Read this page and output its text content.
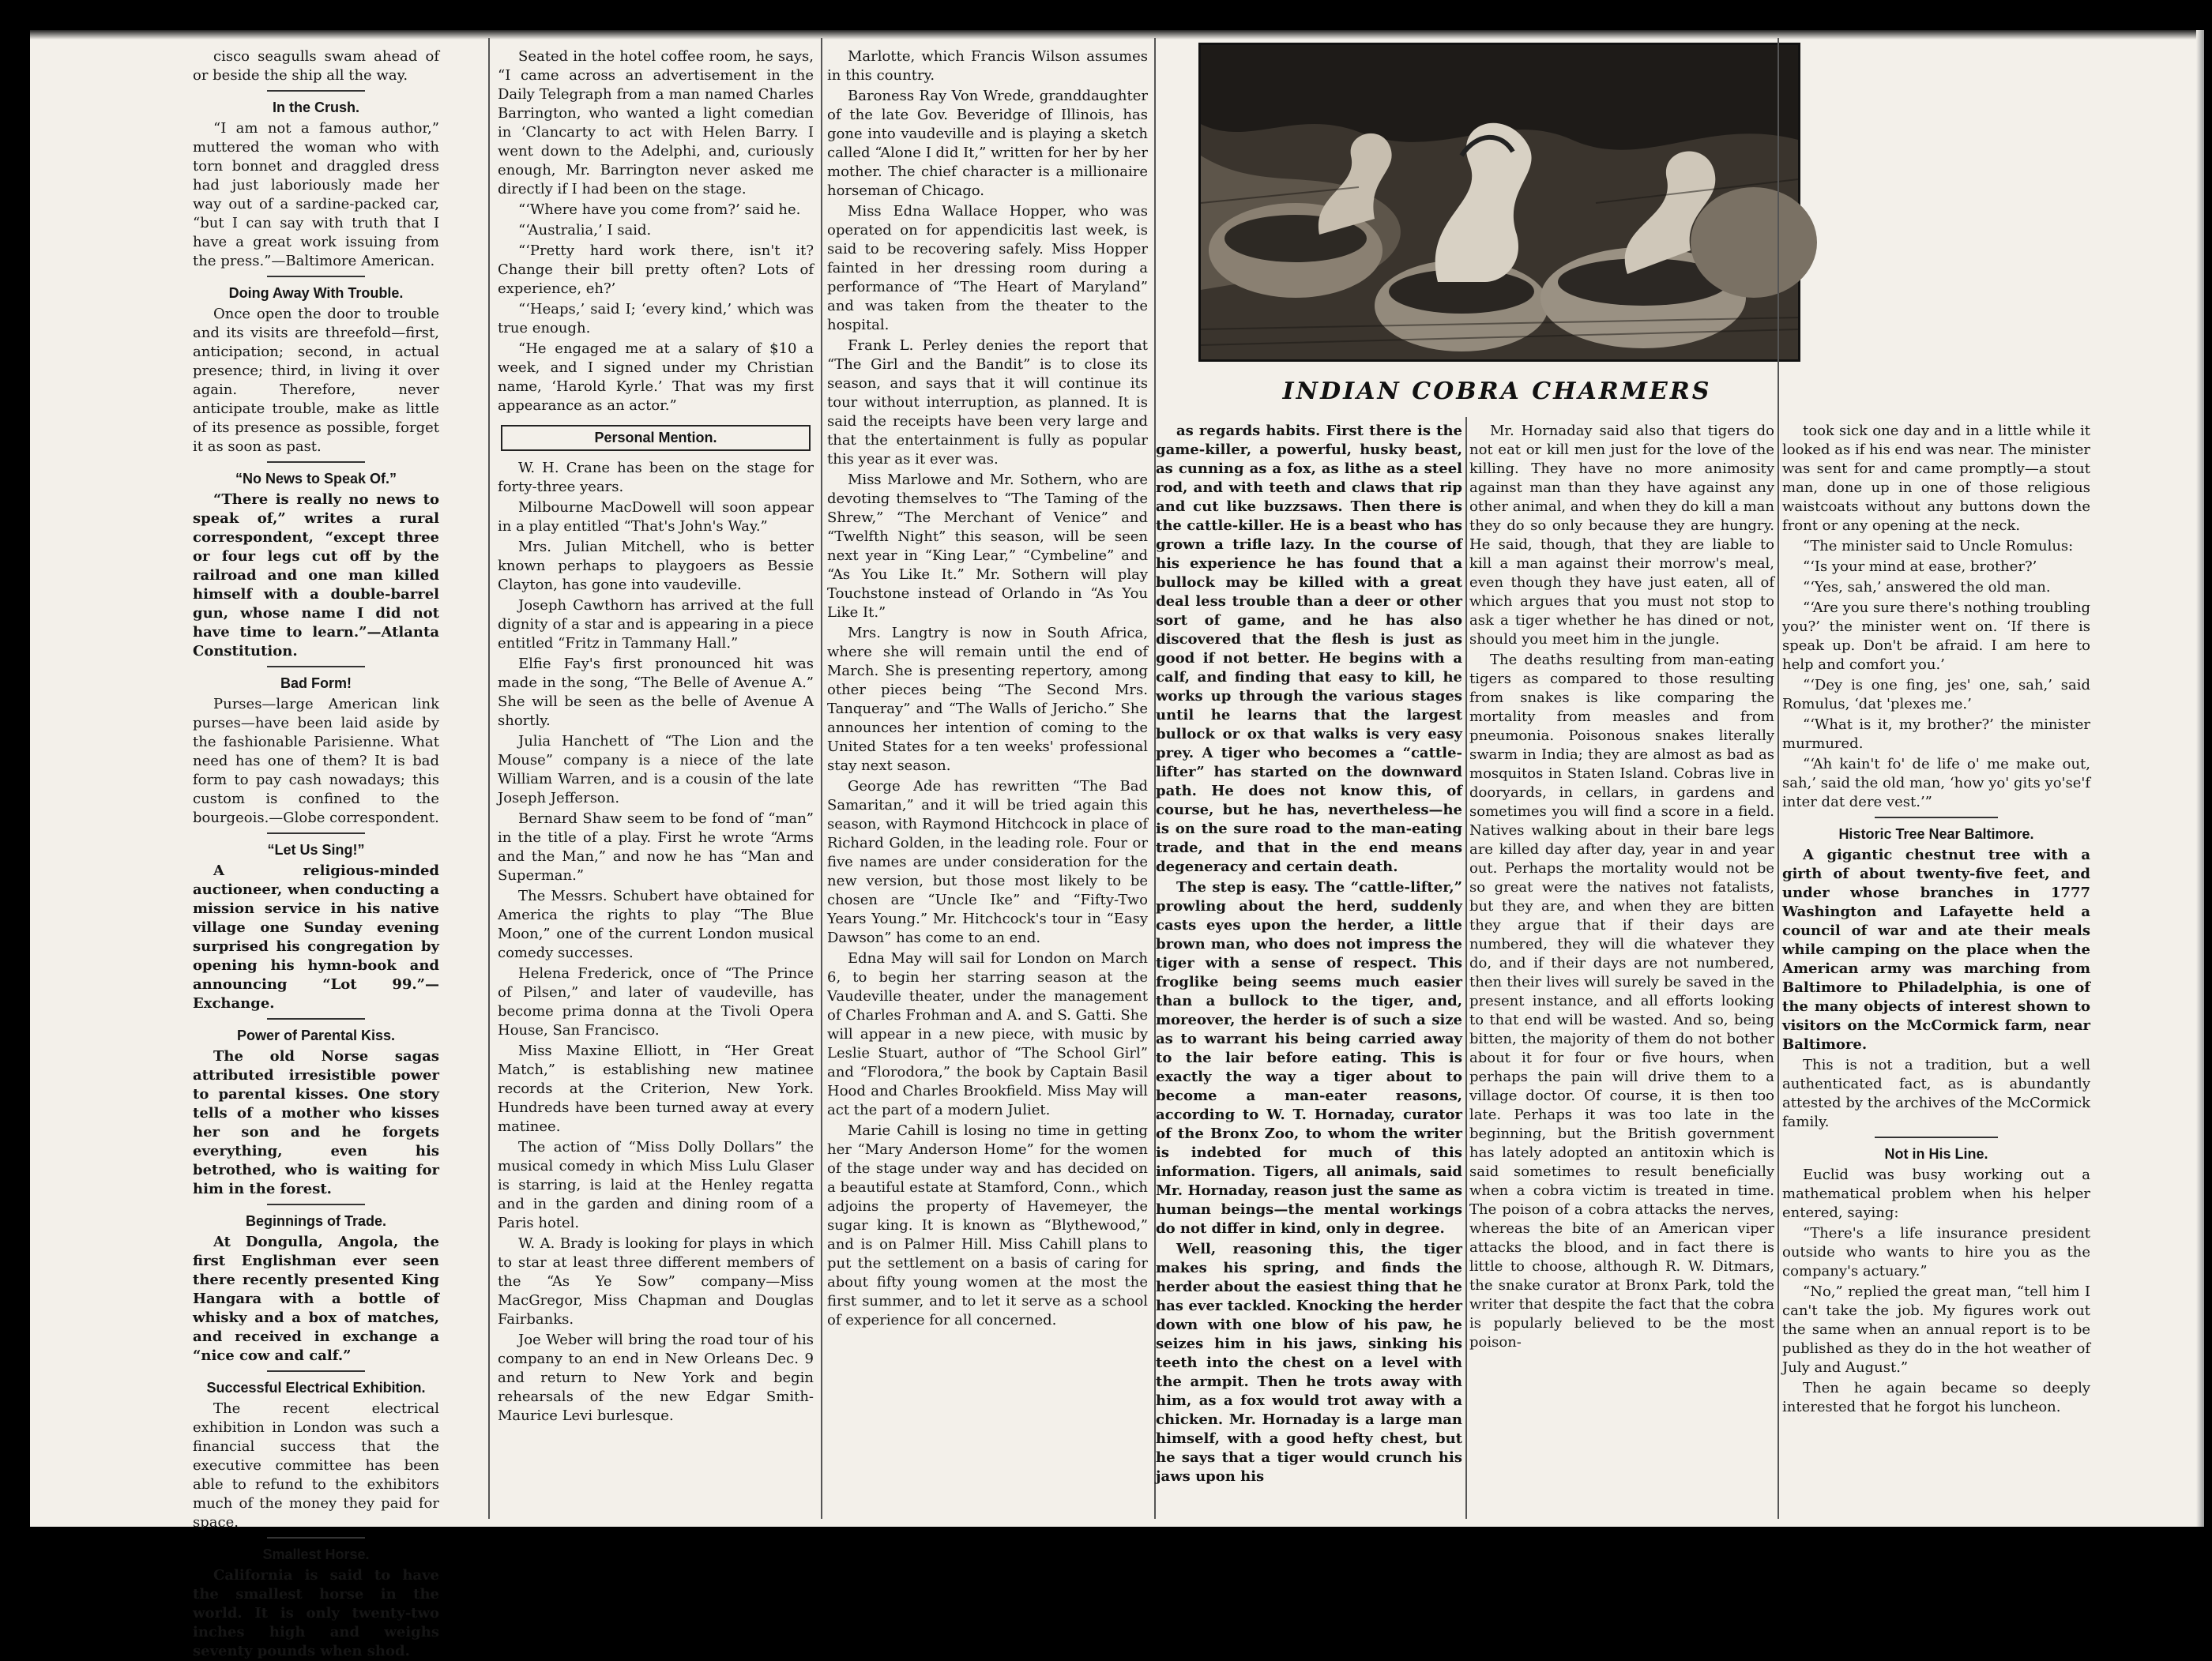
cisco seagulls swam ahead of or beside the ship all the way.
In the Crush.
“I am not a famous author,” muttered the woman who with torn bonnet and draggled dress had just laboriously made her way out of a sardine-packed car, “but I can say with truth that I have a great work issuing from the press.”—Baltimore American.
Doing Away With Trouble.
Once open the door to trouble and its visits are threefold—first, anticipation; second, in actual presence; third, in living it over again. Therefore, never anticipate trouble, make as little of its presence as possible, forget it as soon as past.
“No News to Speak Of.”
“There is really no news to speak of,” writes a rural correspondent, “except three or four legs cut off by the railroad and one man killed himself with a double-barrel gun, whose name I did not have time to learn.”—Atlanta Constitution.
Bad Form!
Purses—large American link purses—have been laid aside by the fashionable Parisienne. What need has one of them? It is bad form to pay cash nowadays; this custom is confined to the bourgeois.—Globe correspondent.
“Let Us Sing!”
A religious-minded auctioneer, when conducting a mission service in his native village one Sunday evening surprised his congregation by opening his hymn-book and announcing “Lot 99.”—Exchange.
Power of Parental Kiss.
The old Norse sagas attributed irresistible power to parental kisses. One story tells of a mother who kisses her son and he forgets everything, even his betrothed, who is waiting for him in the forest.
Beginnings of Trade.
At Dongulla, Angola, the first Englishman ever seen there recently presented King Hangara with a bottle of whisky and a box of matches, and received in exchange a “nice cow and calf.”
Successful Electrical Exhibition.
The recent electrical exhibition in London was such a financial success that the executive committee has been able to refund to the exhibitors much of the money they paid for space.
Smallest Horse.
California is said to have the smallest horse in the world. It is only twenty-two inches high and weighs seventy pounds when shod.
Seated in the hotel coffee room, he says, “I came across an advertisement in the Daily Telegraph from a man named Charles Barrington, who wanted a light comedian in ‘Clancarty to act with Helen Barry. I went down to the Adelphi, and, curiously enough, Mr. Barrington never asked me directly if I had been on the stage.
“‘Where have you come from?’ said he.
“‘Australia,’ I said.
“‘Pretty hard work there, isn't it? Change their bill pretty often? Lots of experience, eh?’
“‘Heaps,’ said I; ‘every kind,’ which was true enough.
“He engaged me at a salary of $10 a week, and I signed under my Christian name, ‘Harold Kyrle.’ That was my first appearance as an actor.”
Personal Mention.
W. H. Crane has been on the stage for forty-three years.
Milbourne MacDowell will soon appear in a play entitled “That's John's Way.”
Mrs. Julian Mitchell, who is better known perhaps to playgoers as Bessie Clayton, has gone into vaudeville.
Joseph Cawthorn has arrived at the full dignity of a star and is appearing in a piece entitled “Fritz in Tammany Hall.”
Elfie Fay's first pronounced hit was made in the song, “The Belle of Avenue A.” She will be seen as the belle of Avenue A shortly.
Julia Hanchett of “The Lion and the Mouse” company is a niece of the late William Warren, and is a cousin of the late Joseph Jefferson.
Bernard Shaw seem to be fond of “man” in the title of a play. First he wrote “Arms and the Man,” and now he has “Man and Superman.”
The Messrs. Schubert have obtained for America the rights to play “The Blue Moon,” one of the current London musical comedy successes.
Helena Frederick, once of “The Prince of Pilsen,” and later of vaudeville, has become prima donna at the Tivoli Opera House, San Francisco.
Miss Maxine Elliott, in “Her Great Match,” is establishing new matinee records at the Criterion, New York. Hundreds have been turned away at every matinee.
The action of “Miss Dolly Dollars” the musical comedy in which Miss Lulu Glaser is starring, is laid at the Henley regatta and in the garden and dining room of a Paris hotel.
W. A. Brady is looking for plays in which to star at least three different members of the “As Ye Sow” company—Miss MacGregor, Miss Chapman and Douglas Fairbanks.
Joe Weber will bring the road tour of his company to an end in New Orleans Dec. 9 and return to New York and begin rehearsals of the new Edgar Smith-Maurice Levi burlesque.
Marlotte, which Francis Wilson assumes in this country.
Baroness Ray Von Wrede, granddaughter of the late Gov. Beveridge of Illinois, has gone into vaudeville and is playing a sketch called “Alone I did It,” written for her by her mother. The chief character is a millionaire horseman of Chicago.
Miss Edna Wallace Hopper, who was operated on for appendicitis last week, is said to be recovering safely. Miss Hopper fainted in her dressing room during a performance of “The Heart of Maryland” and was taken from the theater to the hospital.
Frank L. Perley denies the report that “The Girl and the Bandit” is to close its season, and says that it will continue its tour without interruption, as planned. It is said the receipts have been very large and that the entertainment is fully as popular this year as it ever was.
Miss Marlowe and Mr. Sothern, who are devoting themselves to “The Taming of the Shrew,” “The Merchant of Venice” and “Twelfth Night” this season, will be seen next year in “King Lear,” “Cymbeline” and “As You Like It.” Mr. Sothern will play Touchstone instead of Orlando in “As You Like It.”
Mrs. Langtry is now in South Africa, where she will remain until the end of March. She is presenting repertory, among other pieces being “The Second Mrs. Tanqueray” and “The Walls of Jericho.” She announces her intention of coming to the United States for a ten weeks' professional stay next season.
George Ade has rewritten “The Bad Samaritan,” and it will be tried again this season, with Raymond Hitchcock in place of Richard Golden, in the leading role. Four or five names are under consideration for the new version, but those most likely to be chosen are “Uncle Ike” and “Fifty-Two Years Young.” Mr. Hitchcock's tour in “Easy Dawson” has come to an end.
Edna May will sail for London on March 6, to begin her starring season at the Vaudeville theater, under the management of Charles Frohman and A. and S. Gatti. She will appear in a new piece, with music by Leslie Stuart, author of “The School Girl” and “Florodora,” the book by Captain Basil Hood and Charles Brookfield. Miss May will act the part of a modern Juliet.
Marie Cahill is losing no time in getting her “Mary Anderson Home” for the women of the stage under way and has decided on a beautiful estate at Stamford, Conn., which adjoins the property of Havemeyer, the sugar king. It is known as “Blythewood,” and is on Palmer Hill. Miss Cahill plans to put the settlement on a basis of caring for about fifty young women at the most the first summer, and to let it serve as a school of experience for all concerned.
INDIAN COBRA CHARMERS
as regards habits. First there is the game-killer, a powerful, husky beast, as cunning as a fox, as lithe as a steel rod, and with teeth and claws that rip and cut like buzzsaws. Then there is the cattle-killer. He is a beast who has grown a trifle lazy. In the course of his experience he has found that a bullock may be killed with a great deal less trouble than a deer or other sort of game, and he has also discovered that the flesh is just as good if not better. He begins with a calf, and finding that easy to kill, he works up through the various stages until he learns that the largest bullock or ox that walks is very easy prey. A tiger who becomes a “cattle-lifter” has started on the downward path. He does not know this, of course, but he has, nevertheless—he is on the sure road to the man-eating trade, and that in the end means degeneracy and certain death.
The step is easy. The “cattle-lifter,” prowling about the herd, suddenly casts eyes upon the herder, a little brown man, who does not impress the tiger with a sense of respect. This froglike being seems much easier than a bullock to the tiger, and, moreover, the herder is of such a size as to warrant his being carried away to the lair before eating. This is exactly the way a tiger about to become a man-eater reasons, according to W. T. Hornaday, curator of the Bronx Zoo, to whom the writer is indebted for much of this information. Tigers, all animals, said Mr. Hornaday, reason just the same as human beings—the mental workings do not differ in kind, only in degree.
Well, reasoning this, the tiger makes his spring, and finds the herder about the easiest thing that he has ever tackled. Knocking the herder down with one blow of his paw, he seizes him in his jaws, sinking his teeth into the chest on a level with the armpit. Then he trots away with him, as a fox would trot away with a chicken. Mr. Hornaday is a large man himself, with a good hefty chest, but he says that a tiger would crunch his jaws upon his
Mr. Hornaday said also that tigers do not eat or kill men just for the love of the killing. They have no more animosity against man than they have against any other animal, and when they do kill a man they do so only because they are hungry. He said, though, that they are liable to kill a man against their morrow's meal, even though they have just eaten, all of which argues that you must not stop to ask a tiger whether he has dined or not, should you meet him in the jungle.
The deaths resulting from man-eating tigers as compared to those resulting from snakes is like comparing the mortality from measles and from pneumonia. Poisonous snakes literally swarm in India; they are almost as bad as mosquitos in Staten Island. Cobras live in dooryards, in cellars, in gardens and sometimes you will find a score in a field. Natives walking about in their bare legs are killed day after day, year in and year out. Perhaps the mortality would not be so great were the natives not fatalists, but they are, and when they are bitten they argue that if their days are numbered, they will die whatever they do, and if their days are not numbered, then their lives will surely be saved in the present instance, and all efforts looking to that end will be wasted. And so, being bitten, the majority of them do not bother about it for four or five hours, when perhaps the pain will drive them to a village doctor. Of course, it is then too late. Perhaps it was too late in the beginning, but the British government has lately adopted an antitoxin which is said sometimes to result beneficially when a cobra victim is treated in time. The poison of a cobra attacks the nerves, whereas the bite of an American viper attacks the blood, and in fact there is little to choose, although R. W. Ditmars, the snake curator at Bronx Park, told the writer that despite the fact that the cobra is popularly believed to be the most poison-
took sick one day and in a little while it looked as if his end was near. The minister was sent for and came promptly—a stout man, done up in one of those religious waistcoats without any buttons down the front or any opening at the neck.
“The minister said to Uncle Romulus:
“‘Is your mind at ease, brother?’
“‘Yes, sah,’ answered the old man.
“‘Are you sure there's nothing troubling you?’ the minister went on. ‘If there is speak up. Don't be afraid. I am here to help and comfort you.’
“‘Dey is one fing, jes' one, sah,’ said Romulus, ‘dat 'plexes me.’
“‘What is it, my brother?’ the minister murmured.
“‘Ah kain't fo' de life o' me make out, sah,’ said the old man, ‘how yo' gits yo'se'f inter dat dere vest.’”
Historic Tree Near Baltimore.
A gigantic chestnut tree with a girth of about twenty-five feet, and under whose branches in 1777 Washington and Lafayette held a council of war and ate their meals while camping on the place when the American army was marching from Baltimore to Philadelphia, is one of the many objects of interest shown to visitors on the McCormick farm, near Baltimore.
This is not a tradition, but a well authenticated fact, as is abundantly attested by the archives of the McCormick family.
Not in His Line.
Euclid was busy working out a mathematical problem when his helper entered, saying:
“There's a life insurance president outside who wants to hire you as the company's actuary.”
“No,” replied the great man, “tell him I can't take the job. My figures work out the same when an annual report is to be published as they do in the hot weather of July and August.”
Then he again became so deeply interested that he forgot his luncheon.
